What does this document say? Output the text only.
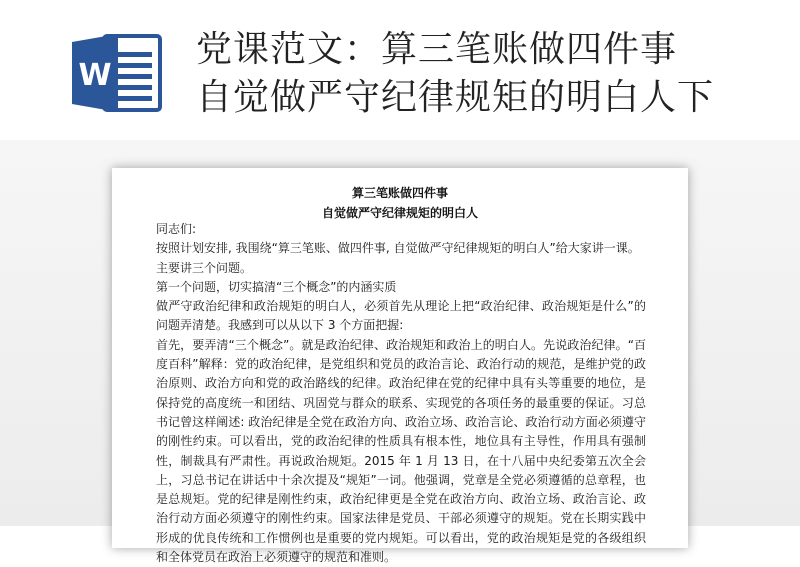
W
党课范文：算三笔账做四件事
自觉做严守纪律规矩的明白人下
算三笔账做四件事
自觉做严守纪律规矩的明白人

同志们:

按照计划安排, 我围绕“算三笔账、做四件事, 自觉做严守纪律规矩的明白人”给大家讲一课。

主要讲三个问题。

第一个问题，切实搞清“三个概念”的内涵实质

做严守政治纪律和政治规矩的明白人，必须首先从理论上把“政治纪律、政治规矩是什么”的问题弄清楚。我感到可以从以下 3 个方面把握:

首先，要弄清“三个概念”。就是政治纪律、政治规矩和政治上的明白人。先说政治纪律。“百度百科”解释：党的政治纪律，是党组织和党员的政治言论、政治行动的规范，是维护党的政治原则、政治方向和党的政治路线的纪律。政治纪律在党的纪律中具有头等重要的地位，是保持党的高度统一和团结、巩固党与群众的联系、实现党的各项任务的最重要的保证。习总书记曾这样阐述: 政治纪律是全党在政治方向、政治立场、政治言论、政治行动方面必须遵守的刚性约束。可以看出，党的政治纪律的性质具有根本性，地位具有主导性，作用具有强制性，制裁具有严肃性。再说政治规矩。2015 年 1 月 13 日，在十八届中央纪委第五次全会上，习总书记在讲话中十余次提及“规矩”一词。他强调，党章是全党必须遵循的总章程，也是总规矩。党的纪律是刚性约束，政治纪律更是全党在政治方向、政治立场、政治言论、政治行动方面必须遵守的刚性约束。国家法律是党员、干部必须遵守的规矩。党在长期实践中形成的优良传统和工作惯例也是重要的党内规矩。可以看出，党的政治规矩是党的各级组织和全体党员在政治上必须遵守的规范和准则。
